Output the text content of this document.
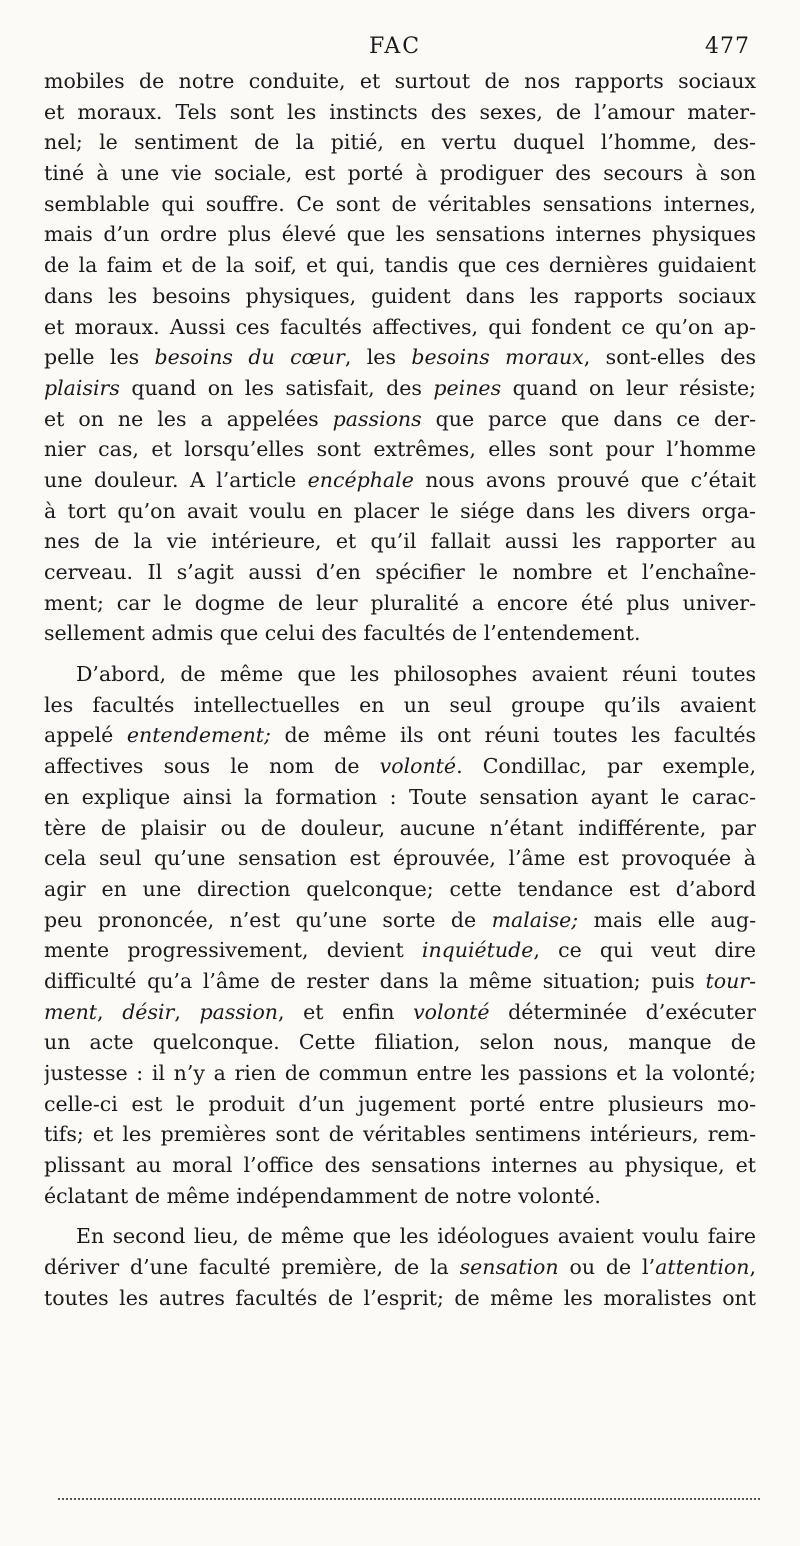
FAC	477
mobiles de notre conduite, et surtout de nos rapports sociaux
et moraux. Tels sont les instincts des sexes, de l’amour mater-
nel; le sentiment de la pitié, en vertu duquel l’homme, des-
tiné à une vie sociale, est porté à prodiguer des secours à son
semblable qui souffre. Ce sont de véritables sensations internes,
mais d’un ordre plus élevé que les sensations internes physiques
de la faim et de la soif, et qui, tandis que ces dernières guidaient
dans les besoins physiques, guident dans les rapports sociaux
et moraux. Aussi ces facultés affectives, qui fondent ce qu’on ap-
pelle les besoins du cœur, les besoins moraux, sont-elles des
plaisirs quand on les satisfait, des peines quand on leur résiste;
et on ne les a appelées passions que parce que dans ce der-
nier cas, et lorsqu’elles sont extrêmes, elles sont pour l’homme
une douleur. A l’article encéphale nous avons prouvé que c’était
à tort qu’on avait voulu en placer le siége dans les divers orga-
nes de la vie intérieure, et qu’il fallait aussi les rapporter au
cerveau. Il s’agit aussi d’en spécifier le nombre et l’enchaîne-
ment; car le dogme de leur pluralité a encore été plus univer-
sellement admis que celui des facultés de l’entendement.
D’abord, de même que les philosophes avaient réuni toutes
les facultés intellectuelles en un seul groupe qu’ils avaient
appelé entendement; de même ils ont réuni toutes les facultés
affectives sous le nom de volonté. Condillac, par exemple,
en explique ainsi la formation : Toute sensation ayant le carac-
tère de plaisir ou de douleur, aucune n’étant indifférente, par
cela seul qu’une sensation est éprouvée, l’âme est provoquée à
agir en une direction quelconque; cette tendance est d’abord
peu prononcée, n’est qu’une sorte de malaise; mais elle aug-
mente progressivement, devient inquiétude, ce qui veut dire
difficulté qu’a l’âme de rester dans la même situation; puis tour-
ment, désir, passion, et enfin volonté déterminée d’exécuter
un acte quelconque. Cette filiation, selon nous, manque de
justesse : il n’y a rien de commun entre les passions et la volonté;
celle-ci est le produit d’un jugement porté entre plusieurs mo-
tifs; et les premières sont de véritables sentimens intérieurs, rem-
plissant au moral l’office des sensations internes au physique, et
éclatant de même indépendamment de notre volonté.
En second lieu, de même que les idéologues avaient voulu faire
dériver d’une faculté première, de la sensation ou de l’attention,
toutes les autres facultés de l’esprit; de même les moralistes ont
